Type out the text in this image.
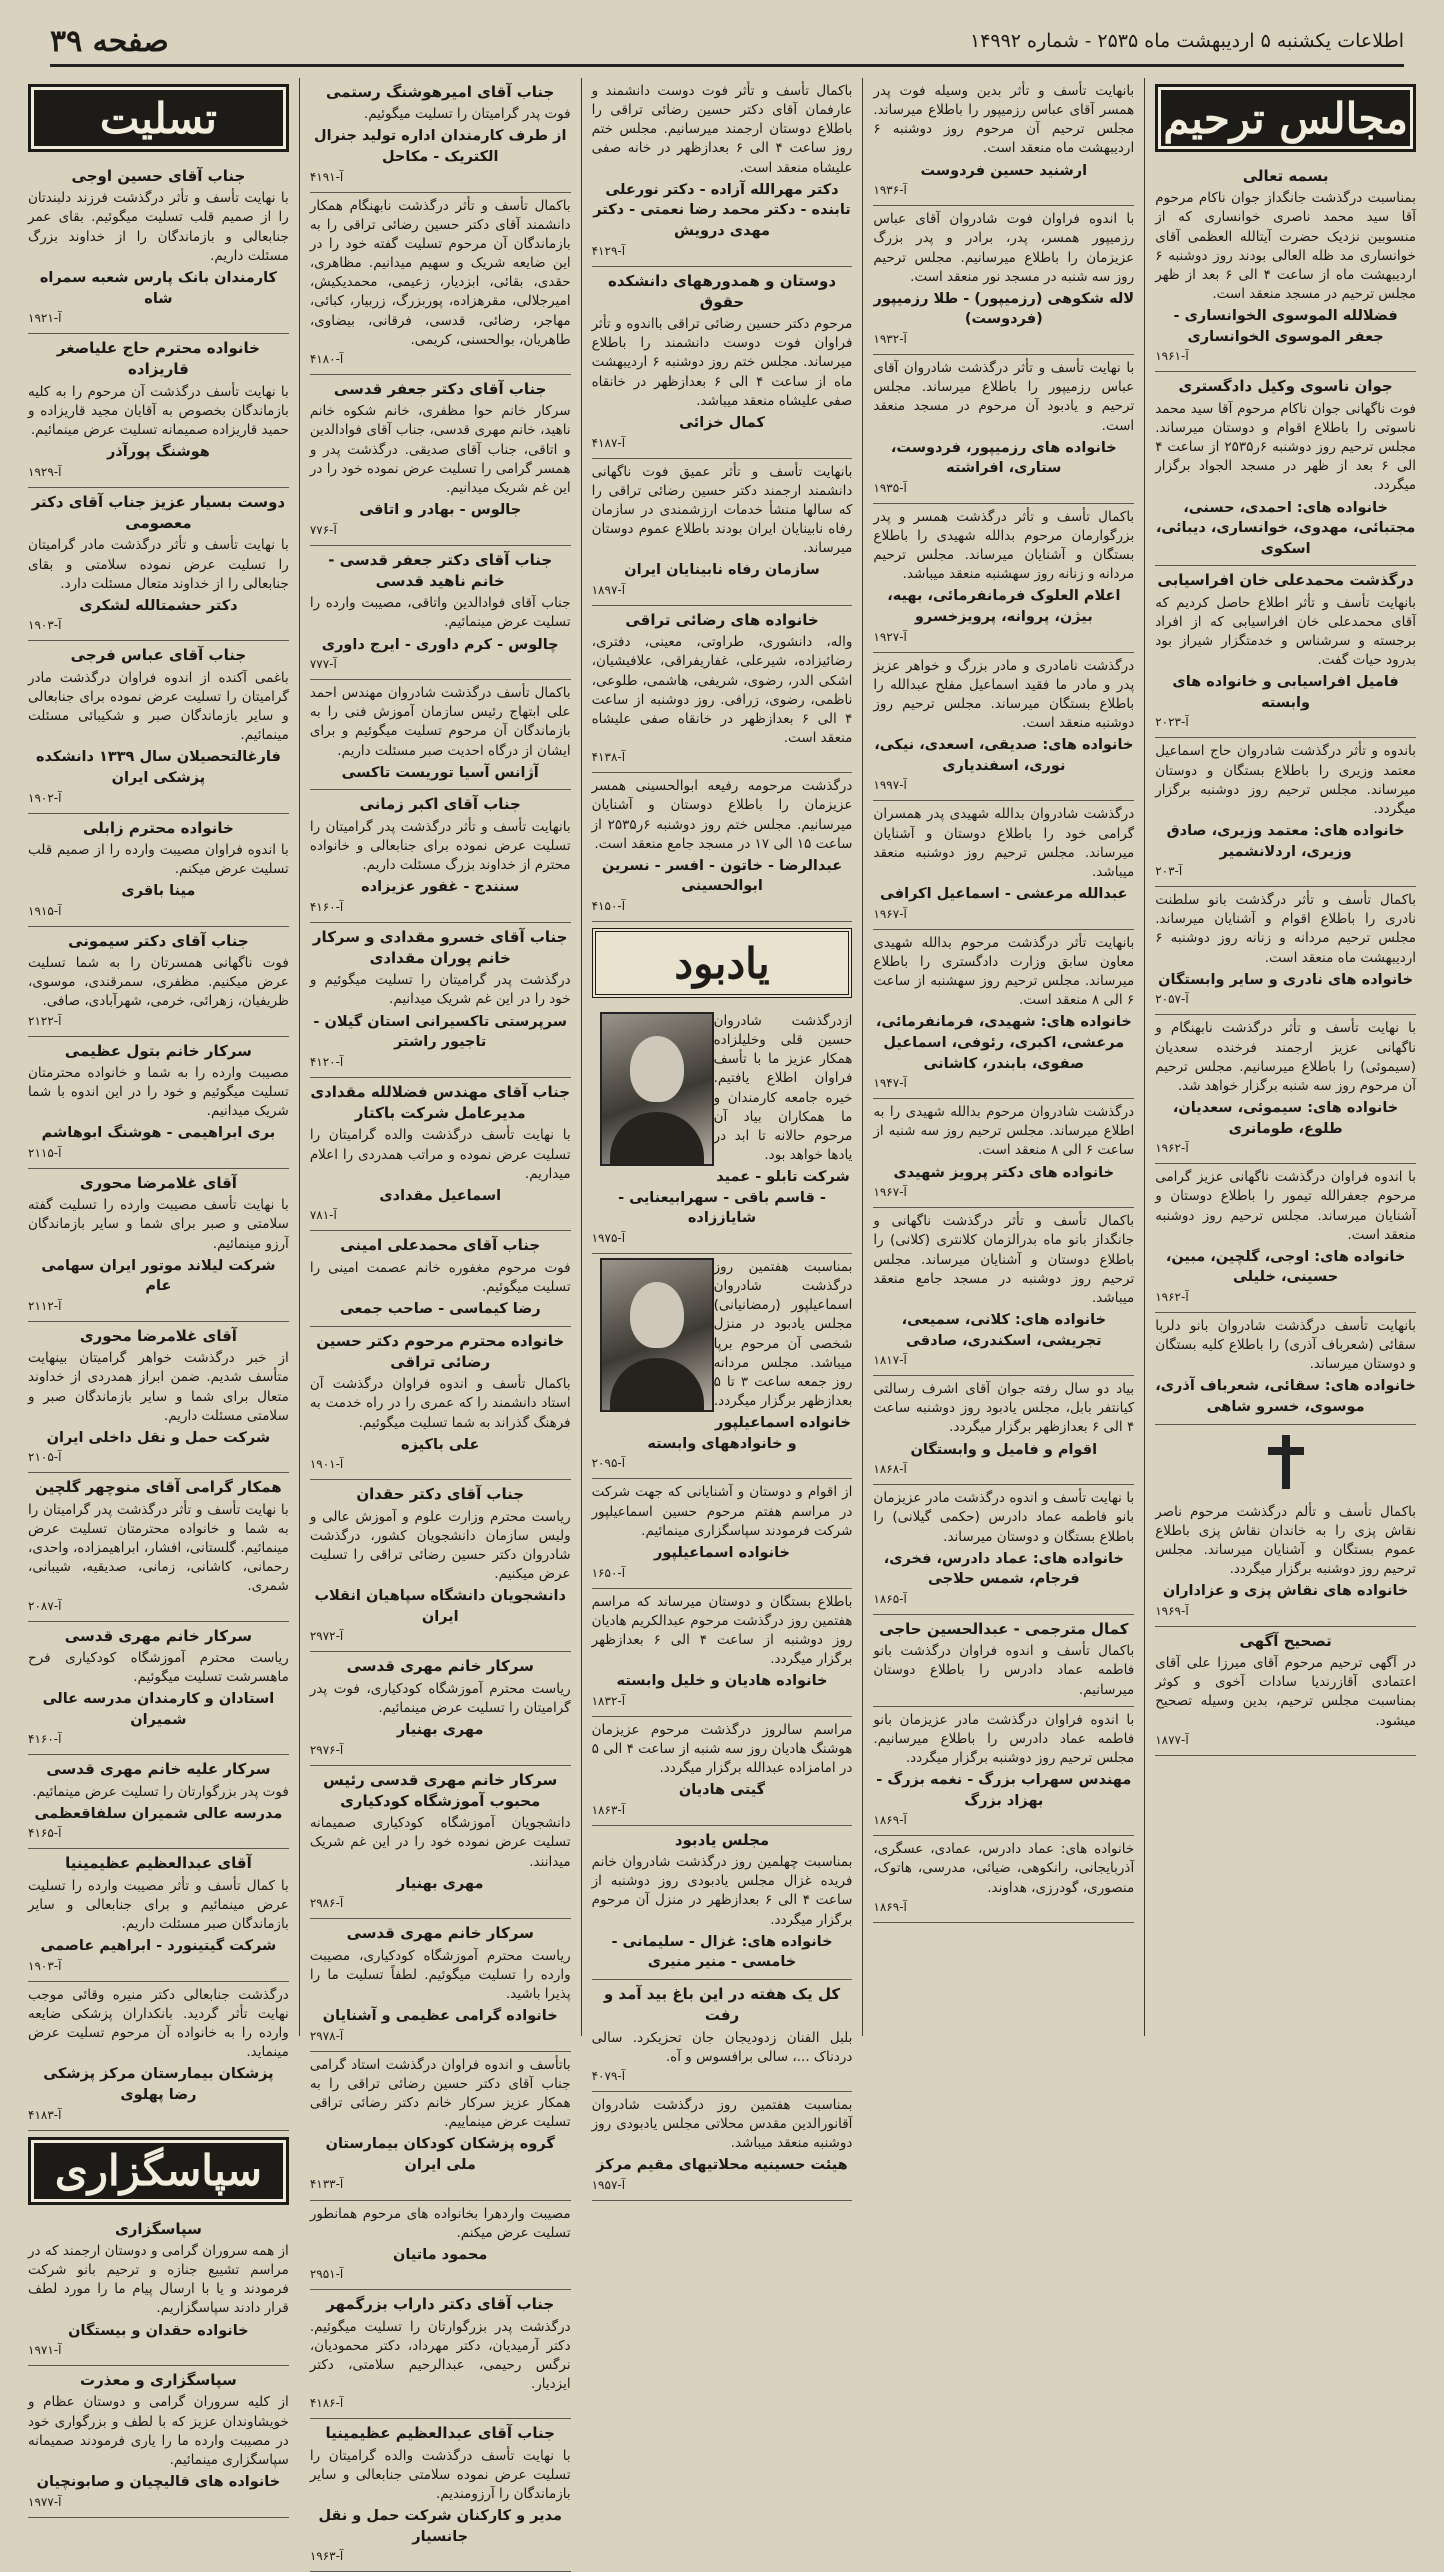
اطلاعات یکشنبه ۵ اردیبهشت ماه ۲۵۳۵ - شماره ۱۴۹۹۲
صفحه ۳۹
مجالس ترحیم
بسمه تعالی
بمناسبت درگذشت جانگداز جوان ناکام مرحوم آقا سید محمد ناصری خوانساری که از منسوبین نزدیک حضرت آیتالله العظمی آقای خوانساری مد ظله العالی بودند روز دوشنبه ۶ اردیبهشت ماه از ساعت ۴ الی ۶ بعد از ظهر مجلس ترحیم در مسجد منعقد است.
فضلالله الموسوی الخوانساری - جعفر الموسوی الخوانساری
آ-۱۹۶۱
جوان ناسوی وکیل دادگستری
فوت ناگهانی جوان ناکام مرحوم آقا سید محمد ناسوتی را باطلاع اقوام و دوستان میرساند. مجلس ترحیم روز دوشنبه ۶ر۲۵۳۵ از ساعت ۴ الی ۶ بعد از ظهر در مسجد الجواد برگزار میگردد.
خانواده های: احمدی، حسنی، مجتبائی، مهدوی، خوانساری، دیبائی، اسکوی
درگذشت محمدعلی خان افراسیابی
بانهایت تأسف و تأثر اطلاع حاصل کردیم که آقای محمدعلی خان افراسیابی که از افراد برجسته و سرشناس و خدمتگزار شیراز بود بدرود حیات گفت.
فامیل افراسیابی و خانواده های وابسته
آ-۲۰۲۳
باندوه و تأثر درگذشت شادروان حاج اسماعیل معتمد وزیری را باطلاع بستگان و دوستان میرساند. مجلس ترحیم روز دوشنبه برگزار میگردد.
خانواده های: معتمد وزیری، صادق وزیری، اردلانشمیر
آ-۲۰۳
باکمال تأسف و تأثر درگذشت بانو سلطنت نادری را باطلاع اقوام و آشنایان میرساند. مجلس ترحیم مردانه و زنانه روز دوشنبه ۶ اردیبهشت ماه منعقد است.
خانواده های نادری و سایر وابستگان
آ-۲۰۵۷
با نهایت تأسف و تأثر درگذشت نابهنگام و ناگهانی عزیز ارجمند فرخنده سعدیان (سیموئی) را باطلاع میرسانیم. مجلس ترحیم آن مرحوم روز سه شنبه برگزار خواهد شد.
خانواده های: سیموئی، سعدیان، طلوع، طومانری
آ-۱۹۶۲
با اندوه فراوان درگذشت ناگهانی عزیز گرامی مرحوم جعفرالله تیمور را باطلاع دوستان و آشنایان میرساند. مجلس ترحیم روز دوشنبه منعقد است.
خانواده های: اوجی، گلچین، مبین، حسینی، خلیلی
آ-۱۹۶۲
بانهایت تأسف درگذشت شادروان بانو دلربا سقائی (شعرباف آذری) را باطلاع کلیه بستگان و دوستان میرساند.
خانواده های: سقائی، شعرباف آذری، موسوی، خسرو شاهی
باکمال تأسف و تألم درگذشت مرحوم ناصر نقاش پزی را به خاندان نقاش پزی باطلاع عموم بستگان و آشنایان میرساند. مجلس ترحیم روز دوشنبه برگزار میگردد.
خانواده های نقاش پزی و عزاداران
آ-۱۹۶۹
تصحیح آگهی
در آگهی ترحیم مرحوم آقای میرزا علی آقای اعتمادی آقازرندیا سادات آخوی و کوثر بمناسبت مجلس ترحیم، بدین وسیله تصحیح میشود.
آ-۱۸۷۷
بانهایت تأسف و تأثر بدین وسیله فوت پدر همسر آقای عباس رزمیپور را باطلاع میرساند. مجلس ترحیم آن مرحوم روز دوشنبه ۶ اردیبهشت ماه منعقد است.
ارشنید حسین فردوست
آ-۱۹۳۶
با اندوه فراوان فوت شادروان آقای عباس رزمیپور همسر، پدر، برادر و پدر بزرگ عزیزمان را باطلاع میرسانیم. مجلس ترحیم روز سه شنبه در مسجد نور منعقد است.
لاله شکوهی (رزمیپور) - طلا رزمیپور (فردوست)
آ-۱۹۳۲
با نهایت تأسف و تأثر درگذشت شادروان آقای عباس رزمیپور را باطلاع میرساند. مجلس ترحیم و یادبود آن مرحوم در مسجد منعقد است.
خانواده های رزمیپور، فردوست، ستاری، افراشته
آ-۱۹۳۵
باکمال تأسف و تأثر درگذشت همسر و پدر بزرگوارمان مرحوم بدالله شهیدی را باطلاع بستگان و آشنایان میرساند. مجلس ترحیم مردانه و زنانه روز سهشنبه منعقد میباشد.
اعلام العلوک فرمانفرمائی، بهیه، بیژن، پروانه، پرویزخسرو
آ-۱۹۲۷
درگذشت نامادری و مادر بزرگ و خواهر عزیز پدر و مادر ما فقید اسماعیل مفلح عبدالله را باطلاع بستگان میرساند. مجلس ترحیم روز دوشنبه منعقد است.
خانواده های: صدیقی، اسعدی، نیکی، نوری، اسفندیاری
آ-۱۹۹۷
درگذشت شادروان بدالله شهیدی پدر همسران گرامی خود را باطلاع دوستان و آشنایان میرساند. مجلس ترحیم روز دوشنبه منعقد میباشد.
عبدالله مرعشی - اسماعیل اکرافی
آ-۱۹۶۷
بانهایت تأثر درگذشت مرحوم بدالله شهیدی معاون سابق وزارت دادگستری را باطلاع میرساند. مجلس ترحیم روز سهشنبه از ساعت ۶ الی ۸ منعقد است.
خانواده های: شهیدی، فرمانفرمائی، مرعشی، اکبری، رئوفی، اسماعیل صفوی، بابندر، کاشانی
آ-۱۹۴۷
درگذشت شادروان مرحوم بدالله شهیدی را به اطلاع میرساند. مجلس ترحیم روز سه شنبه از ساعت ۶ الی ۸ منعقد است.
خانواده های دکتر پرویز شهیدی
آ-۱۹۶۷
باکمال تأسف و تأثر درگذشت ناگهانی و جانگداز بانو ماه بدرالزمان کلانتری (کلانی) را باطلاع دوستان و آشنایان میرساند. مجلس ترحیم روز دوشنبه در مسجد جامع منعقد میباشد.
خانواده های: کلانی، سمیعی، تجریشی، اسکندری، صادقی
آ-۱۸۱۷
بیاد دو سال رفته جوان آقای اشرف رسالتی کیانتفر بابل، مجلس یادبود روز دوشنبه ساعت ۴ الی ۶ بعدازظهر برگزار میگردد.
اقوام و فامیل و وابستگان
آ-۱۸۶۸
با نهایت تأسف و اندوه درگذشت مادر عزیزمان بانو فاطمه عماد دادرس (حکمی گیلانی) را باطلاع بستگان و دوستان میرساند.
خانواده های: عماد دادرس، فخری، فرجام، شمس حلاجی
آ-۱۸۶۵
کمال مترجمی - عبدالحسین حاجی
باکمال تأسف و اندوه فراوان درگذشت بانو فاطمه عماد دادرس را باطلاع دوستان میرسانیم.
با اندوه فراوان درگذشت مادر عزیزمان بانو فاطمه عماد دادرس را باطلاع میرسانیم. مجلس ترحیم روز دوشنبه برگزار میگردد.
مهندس سهراب بزرگ - نغمه بزرگ - بهزاد بزرگ
آ-۱۸۶۹
خانواده های: عماد دادرس، عمادی، عسگری، آذربایجانی، رانکوهی، ضیائی، مدرسی، هاتوک، منصوری، گودرزی، هداوند.
آ-۱۸۶۹
باکمال تأسف و تأثر فوت دوست دانشمند و عارفمان آقای دکتر حسین رضائی تراقی را باطلاع دوستان ارجمند میرسانیم. مجلس ختم روز ساعت ۴ الی ۶ بعدازظهر در خانه صفی علیشاه منعقد است.
دکتر مهرالله آزاده - دکتر نورعلی تابنده - دکتر محمد رضا نعمتی - دکتر مهدی درویش
آ-۴۱۲۹
دوستان و همدورههای دانشکده حقوق
مرحوم دکتر حسین رضائی تراقی بااندوه و تأثر فراوان فوت دوست دانشمند را باطلاع میرساند. مجلس ختم روز دوشنبه ۶ اردیبهشت ماه از ساعت ۴ الی ۶ بعدازظهر در خانقاه صفی علیشاه منعقد میباشد.
کمال خزائی
آ-۴۱۸۷
بانهایت تأسف و تأثر عمیق فوت ناگهانی دانشمند ارجمند دکتر حسین رضائی تراقی را که سالها منشأ خدمات ارزشمندی در سازمان رفاه نابینایان ایران بودند باطلاع عموم دوستان میرساند.
سازمان رفاه نابینایان ایران
آ-۱۸۹۷
خانواده های رضائی تراقی
واله، دانشوری، طراوتی، معینی، دفتری، رضائیزاده، شیرعلی، غفاریفراقی، علافیشیان، اشکی الدر، رضوی، شریفی، هاشمی، طلوعی، ناظمی، رضوی، زرافی. روز دوشنبه از ساعت ۴ الی ۶ بعدازظهر در خانقاه صفی علیشاه منعقد است.
آ-۴۱۳۸
درگذشت مرحومه رفیعه ابوالحسینی همسر عزیزمان را باطلاع دوستان و آشنایان میرسانیم. مجلس ختم روز دوشنبه ۶ر۲۵۳۵ از ساعت ۱۵ الی ۱۷ در مسجد جامع منعقد است.
عبدالرضا - خاتون - افسر - نسرین ابوالحسینی
آ-۴۱۵۰
یادبود
ازدرگذشت شادروان حسین قلی وخلیلزاده همکار عزیز ما با تأسف فراوان اطلاع یافتیم. خیره جامعه کارمندان و ما همکاران بیاد آن مرحوم حالانه تا ابد در یادها خواهد بود.
شرکت تابلو - عمید - قاسم باقی - سهرابیعنایی - شایاززاده
آ-۱۹۷۵
بمناسبت هفتمین روز درگذشت شادروان اسماعیلپور (رمضانیانی) مجلس یادبود در منزل شخصی آن مرحوم برپا میباشد. مجلس مردانه روز جمعه ساعت ۳ تا ۵ بعدازظهر برگزار میگردد.
خانواده اسماعیلپور و خانوادههای وابسته
آ-۲۰۹۵
از اقوام و دوستان و آشنایانی که جهت شرکت در مراسم هفتم مرحوم حسین اسماعیلپور شرکت فرمودند سپاسگزاری مینمائیم.
خانواده اسماعیلپور
آ-۱۶۵۰
باطلاع بستگان و دوستان میرساند که مراسم هفتمین روز درگذشت مرحوم عبدالکریم هادیان روز دوشنبه از ساعت ۴ الی ۶ بعدازظهر برگزار میگردد.
خانواده هادیان و خلیل وابسته
آ-۱۸۳۲
مراسم سالروز درگذشت مرحوم عزیزمان هوشنگ هادیان روز سه شنبه از ساعت ۴ الی ۵ در امامزاده عبدالله برگزار میگردد.
گیتی هادیان
آ-۱۸۶۳
مجلس یادبود
بمناسبت چهلمین روز درگذشت شادروان خانم فریده غزال مجلس یادبودی روز دوشنبه از ساعت ۴ الی ۶ بعدازظهر در منزل آن مرحوم برگزار میگردد.
خانواده های: غزال - سلیمانی - خامسی - منیر منیری
کل یک هفته در این باغ بید آمد و رفت
بلبل الفنان زدودیجان جان تحزیکرد. سالی دردناک ...، سالی برافسوس و آه.
آ-۴۰۷۹
بمناسبت هفتمین روز درگذشت شادروان آقانورالدین مقدس محلاتی مجلس یادبودی روز دوشنبه منعقد میباشد.
هیئت حسینیه محلاتیهای مقیم مرکز
آ-۱۹۵۷
جناب آقای امیرهوشنگ رستمی
فوت پدر گرامیتان را تسلیت میگوئیم.
از طرف کارمندان اداره تولید جنرال الکتریک - مکاحل
آ-۴۱۹۱
باکمال تأسف و تأثر درگذشت نابهنگام همکار دانشمند آقای دکتر حسین رضائی تراقی را به بازماندگان آن مرحوم تسلیت گفته خود را در این ضایعه شریک و سهیم میدانیم. مظاهری، حقدی، بقائی، ابزدیار، زعیمی، محمدیکیش، امیرجلالی، مقرهزاده، پوربزرگ، زربیار، کبائی، مهاجر، رضائی، قدسی، فرقانی، بیضاوی، طاهریان، بوالحسنی، کریمی.
آ-۴۱۸۰
جناب آقای دکتر جعفر قدسی
سرکار خانم حوا مظفری، خانم شکوه خانم ناهید، خانم مهری قدسی، جناب آقای فوادالدین و اتاقی، جناب آقای صدیقی. درگذشت پدر و همسر گرامی را تسلیت عرض نموده خود را در این غم شریک میدانیم.
جالوس - بهادر و اتاقی
آ-۷۷۶
جناب آقای دکتر جعفر قدسی - خانم ناهید قدسی
جناب آقای فوادالدین واتاقی، مصیبت وارده را تسلیت عرض مینمائیم.
چالوس - کرم داوری - ایرج داوری
آ-۷۷۷
باکمال تأسف درگذشت شادروان مهندس احمد علی ابتهاج رئیس سازمان آموزش فنی را به بازماندگان آن مرحوم تسلیت میگوئیم و برای ایشان از درگاه احدیت صبر مسئلت داریم.
آژانس آسیا توریست تاکسی
جناب آقای اکبر زمانی
بانهایت تأسف و تأثر درگذشت پدر گرامیتان را تسلیت عرض نموده برای جنابعالی و خانواده محترم از خداوند بزرگ مسئلت داریم.
سنندج - غفور عزیزاده
آ-۴۱۶۰
جناب آقای خسرو مقدادی و سرکار خانم پوران مقدادی
درگذشت پدر گرامیتان را تسلیت میگوئیم و خود را در این غم شریک میدانیم.
سرپرستی تاکسیرانی استان گیلان - تاجیور راشتر
آ-۴۱۲۰
جناب آقای مهندس فضلالله مقدادی مدیرعامل شرکت باکتار
با نهایت تأسف درگذشت والده گرامیتان را تسلیت عرض نموده و مراتب همدردی را اعلام میداریم.
اسماعیل مقدادی
آ-۷۸۱
جناب آقای محمدعلی امینی
فوت مرحوم مغفوره خانم عصمت امینی را تسلیت میگوئیم.
رضا کیماسی - صاحب جمعی
خانواده محترم مرحوم دکتر حسین رضائی تراقی
باکمال تأسف و اندوه فراوان درگذشت آن استاد دانشمند را که عمری را در راه خدمت به فرهنگ گذراند به شما تسلیت میگوئیم.
علی باکیزه
آ-۱۹۰۱
جناب آقای دکتر حقدان
ریاست محترم وزارت علوم و آموزش عالی و ولیس سازمان دانشجویان کشور، درگذشت شادروان دکتر حسین رضائی تراقی را تسلیت عرض میکنیم.
دانشجویان دانشگاه سپاهیان انقلاب ایران
آ-۲۹۷۲
سرکار خانم مهری قدسی
ریاست محترم آموزشگاه کودکیاری، فوت پدر گرامیتان را تسلیت عرض مینمائیم.
مهری بهنیار
آ-۲۹۷۶
سرکار خانم مهری قدسی رئیس محبوب آموزشگاه کودکیاری
دانشجویان آموزشگاه کودکیاری صمیمانه تسلیت عرض نموده خود را در این غم شریک میدانند.
مهری بهنیار
آ-۲۹۸۶
سرکار خانم مهری قدسی
ریاست محترم آموزشگاه کودکیاری، مصیبت وارده را تسلیت میگوئیم. لطفاً تسلیت ما را پذیرا باشید.
خانواده گرامی عظیمی و آشنایان
آ-۲۹۷۸
باتأسف و اندوه فراوان درگذشت استاد گرامی جناب آقای دکتر حسین رضائی تراقی را به همکار عزیز سرکار خانم دکتر رضائی تراقی تسلیت عرض مینماییم.
گروه پزشکان کودکان بیمارستان ملی ایران
آ-۴۱۳۳
مصیبت واردهرا بخانواده های مرحوم همانطور تسلیت عرض میکنم.
محمود ماتیان
آ-۲۹۵۱
جناب آقای دکتر داراب بزرگمهر
درگذشت پدر بزرگوارتان را تسلیت میگوئیم. دکتر آرمیدیان، دکتر مهرداد، دکتر محمودیان، نرگس رحیمی، عبدالرحیم سلامتی، دکتر ایزدیار.
آ-۴۱۸۶
جناب آقای عبدالعظیم عظیمینیا
با نهایت تأسف درگذشت والده گرامیتان را تسلیت عرض نموده سلامتی جنابعالی و سایر بازماندگان را آرزومندیم.
مدیر و کارکنان شرکت حمل و نقل جانسیار
آ-۱۹۶۳
تسلیت
جناب آقای حسین اوجی
با نهایت تأسف و تأثر درگذشت فرزند دلبندتان را از صمیم قلب تسلیت میگوئیم. بقای عمر جنابعالی و بازماندگان را از خداوند بزرگ مسئلت داریم.
کارمندان بانک پارس شعبه سمراه شاه
آ-۱۹۲۱
خانواده محترم حاج علیاصغر قاریزاده
با نهایت تأسف درگذشت آن مرحوم را به کلیه بازماندگان بخصوص به آقایان مجید قاریزاده و حمید قاریزاده صمیمانه تسلیت عرض مینمائیم.
هوشنگ پورآذر
آ-۱۹۲۹
دوست بسیار عزیز جناب آقای دکتر معصومی
با نهایت تأسف و تأثر درگذشت مادر گرامیتان را تسلیت عرض نموده سلامتی و بقای جنابعالی را از خداوند متعال مسئلت دارد.
دکتر حشمتالله لشکری
آ-۱۹۰۳
جناب آقای عباس فرجی
باغمی آکنده از اندوه فراوان درگذشت مادر گرامیتان را تسلیت عرض نموده برای جنابعالی و سایر بازماندگان صبر و شکیبائی مسئلت مینمائیم.
فارغالتحصیلان سال ۱۳۳۹ دانشکده پزشکی ایران
آ-۱۹۰۲
خانواده محترم زابلی
با اندوه فراوان مصیبت وارده را از صمیم قلب تسلیت عرض میکنم.
مینا باقری
آ-۱۹۱۵
جناب آقای دکتر سیمونی
فوت ناگهانی همسرتان را به شما تسلیت عرض میکنیم. مظفری، سمرقندی، موسوی، ظریفیان، زهرائی، خرمی، شهرآبادی، صافی.
آ-۲۱۲۲
سرکار خانم بتول عظیمی
مصیبت وارده را به شما و خانواده محترمتان تسلیت میگوئیم و خود را در این اندوه با شما شریک میدانیم.
بری ابراهیمی - هوشنگ ابوهاشم
آ-۲۱۱۵
آقای غلامرضا محوری
با نهایت تأسف مصیبت وارده را تسلیت گفته سلامتی و صبر برای شما و سایر بازماندگان آرزو مینمائیم.
شرکت لیلاند موتور ایران سهامی عام
آ-۲۱۱۲
آقای غلامرضا محوری
از خبر درگذشت خواهر گرامیتان بینهایت متأسف شدیم. ضمن ابراز همدردی از خداوند متعال برای شما و سایر بازماندگان صبر و سلامتی مسئلت داریم.
شرکت حمل و نقل داخلی ایران
آ-۲۱۰۵
همکار گرامی آقای منوچهر گلچین
با نهایت تأسف و تأثر درگذشت پدر گرامیتان را به شما و خانواده محترمتان تسلیت عرض مینمائیم. گلستانی، افشار، ابراهیمزاده، واحدی، رحمانی، کاشانی، زمانی، صدیقیه، شیبانی، شمری.
آ-۲۰۸۷
سرکار خانم مهری قدسی
ریاست محترم آموزشگاه کودکیاری فرح ماهسرشت تسلیت میگوئیم.
استادان و کارمندان مدرسه عالی شمیران
آ-۴۱۶۰
سرکار علیه خانم مهری قدسی
فوت پدر بزرگوارتان را تسلیت عرض مینمائیم.
مدرسه عالی شمیران سلفاقعظمی
آ-۴۱۶۵
آقای عبدالعظیم عظیمینیا
با کمال تأسف و تأثر مصیبت وارده را تسلیت عرض مینمائیم و برای جنابعالی و سایر بازماندگان صبر مسئلت داریم.
شرکت گیتینورد - ابراهیم عاصمی
آ-۱۹۰۳
درگذشت جنابعالی دکتر منیره وقائی موجب نهایت تأثر گردید. بانکداران پزشکی ضایعه وارده را به خانواده آن مرحوم تسلیت عرض مینماید.
پزشکان بیمارستان مرکز پزشکی رضا پهلوی
آ-۴۱۸۳
سپاسگزاری
سپاسگزاری
از همه سروران گرامی و دوستان ارجمند که در مراسم تشییع جنازه و ترحیم بانو شرکت فرمودند و یا با ارسال پیام ما را مورد لطف قرار دادند سپاسگزاریم.
خانواده حقدان و بیستگان
آ-۱۹۷۱
سپاسگزاری و معذرت
از کلیه سروران گرامی و دوستان عظام و خویشاوندان عزیز که با لطف و بزرگواری خود در مصیبت وارده ما را یاری فرمودند صمیمانه سپاسگزاری مینمائیم.
خانواده های قالیچیان و صابونچیان
آ-۱۹۷۷
